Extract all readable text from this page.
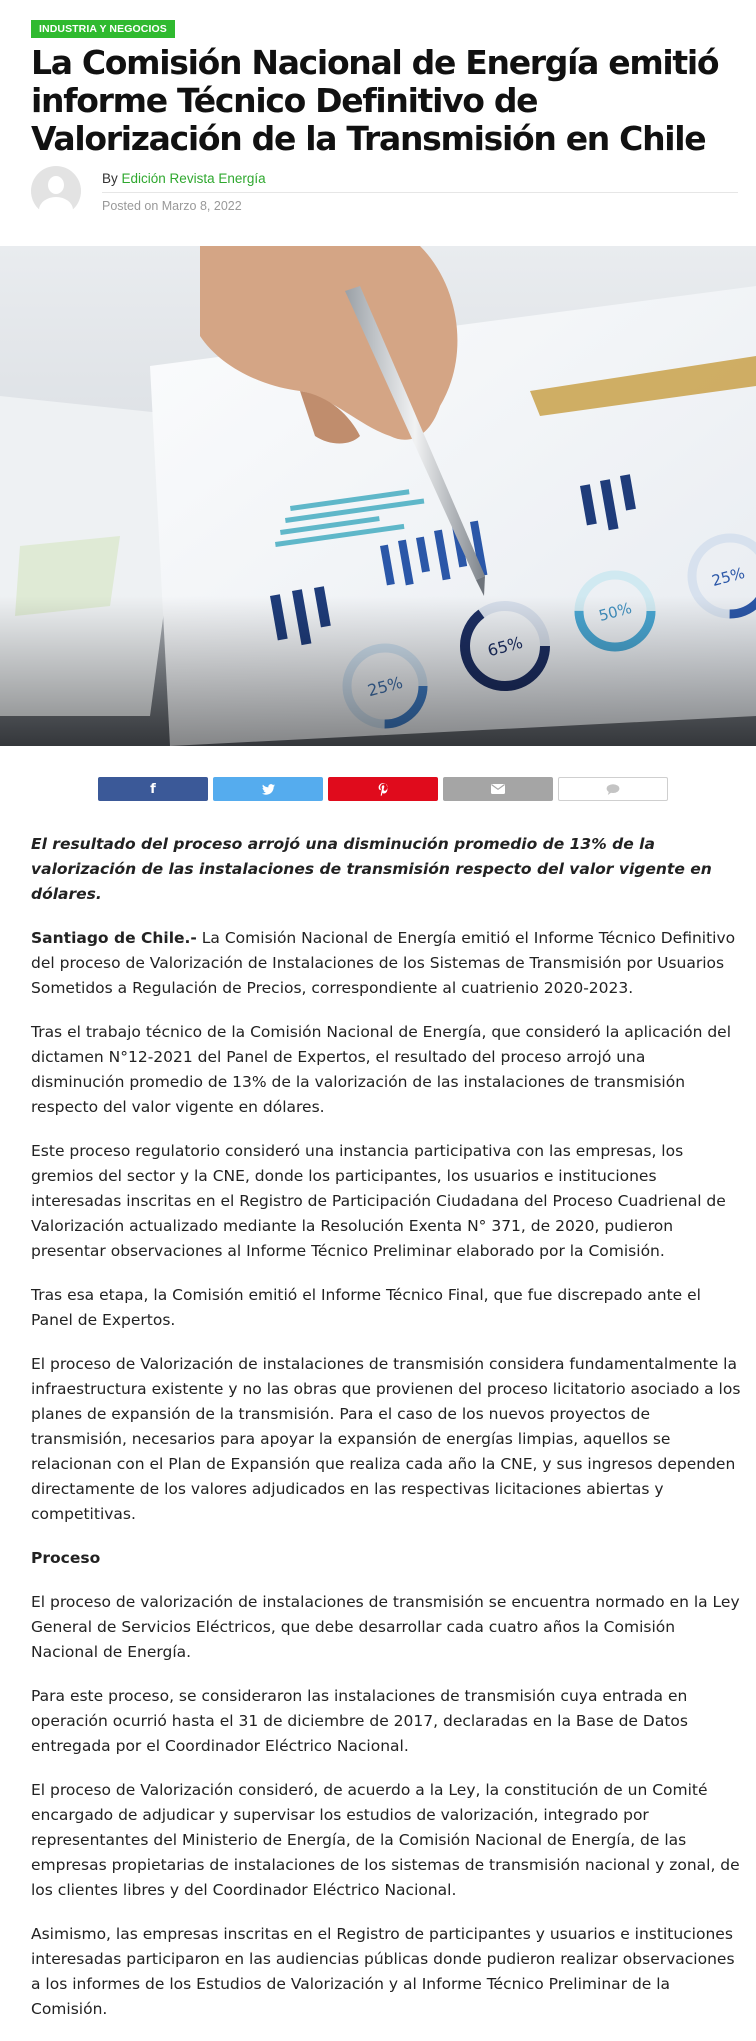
INDUSTRIA Y NEGOCIOS
La Comisión Nacional de Energía emitió informe Técnico Definitivo de Valorización de la Transmisión en Chile
By Edición Revista Energía
Posted on Marzo 8, 2022
f

El resultado del proceso arrojó una disminución promedio de 13% de la valorización de las instalaciones de transmisión respecto del valor vigente en dólares.

Santiago de Chile.- La Comisión Nacional de Energía emitió el Informe Técnico Definitivo del proceso de Valorización de Instalaciones de los Sistemas de Transmisión por Usuarios Sometidos a Regulación de Precios, correspondiente al cuatrienio 2020-2023.

Tras el trabajo técnico de la Comisión Nacional de Energía, que consideró la aplicación del dictamen N°12-2021 del Panel de Expertos, el resultado del proceso arrojó una disminución promedio de 13% de la valorización de las instalaciones de transmisión respecto del valor vigente en dólares.

Este proceso regulatorio consideró una instancia participativa con las empresas, los gremios del sector y la CNE, donde los participantes, los usuarios e instituciones interesadas inscritas en el Registro de Participación Ciudadana del Proceso Cuadrienal de Valorización actualizado mediante la Resolución Exenta N° 371, de 2020, pudieron presentar observaciones al Informe Técnico Preliminar elaborado por la Comisión.

Tras esa etapa, la Comisión emitió el Informe Técnico Final, que fue discrepado ante el Panel de Expertos.

El proceso de Valorización de instalaciones de transmisión considera fundamentalmente la infraestructura existente y no las obras que provienen del proceso licitatorio asociado a los planes de expansión de la transmisión. Para el caso de los nuevos proyectos de transmisión, necesarios para apoyar la expansión de energías limpias, aquellos se relacionan con el Plan de Expansión que realiza cada año la CNE, y sus ingresos dependen directamente de los valores adjudicados en las respectivas licitaciones abiertas y competitivas.

Proceso

El proceso de valorización de instalaciones de transmisión se encuentra normado en la Ley General de Servicios Eléctricos, que debe desarrollar cada cuatro años la Comisión Nacional de Energía.

Para este proceso, se consideraron las instalaciones de transmisión cuya entrada en operación ocurrió hasta el 31 de diciembre de 2017, declaradas en la Base de Datos entregada por el Coordinador Eléctrico Nacional.

El proceso de Valorización consideró, de acuerdo a la Ley, la constitución de un Comité encargado de adjudicar y supervisar los estudios de valorización, integrado por representantes del Ministerio de Energía, de la Comisión Nacional de Energía, de las empresas propietarias de instalaciones de los sistemas de transmisión nacional y zonal, de los clientes libres y del Coordinador Eléctrico Nacional.

Asimismo, las empresas inscritas en el Registro de participantes y usuarios e instituciones interesadas participaron en las audiencias públicas donde pudieron realizar observaciones a los informes de los Estudios de Valorización y al Informe Técnico Preliminar de la Comisión.
